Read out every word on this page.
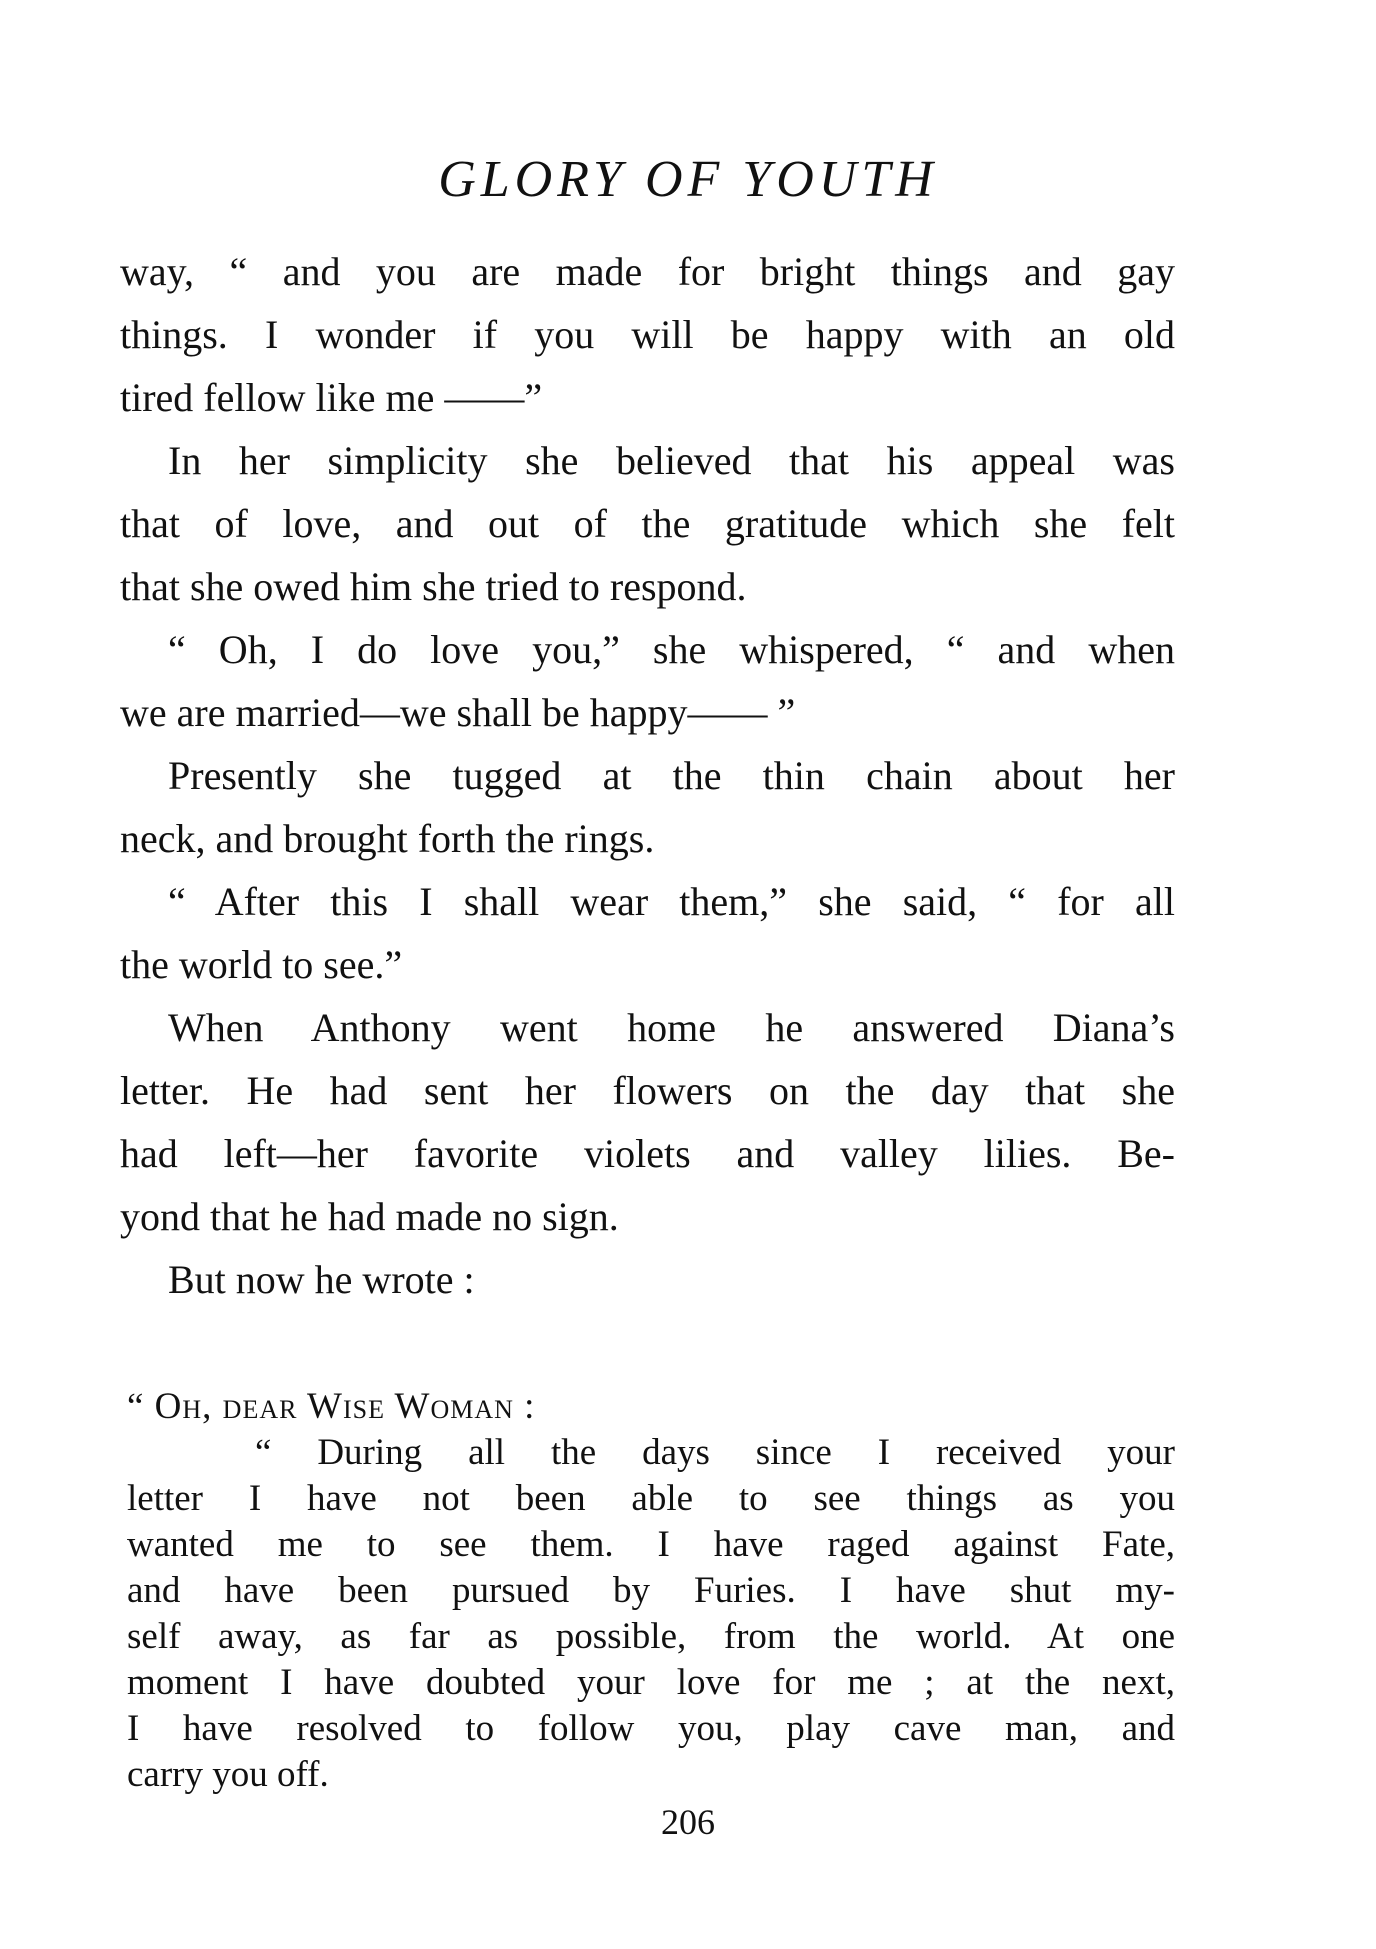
GLORY OF YOUTH

way, “ and you are made for bright things and gay

things. I wonder if you will be happy with an old

tired fellow like me ——”

In her simplicity she believed that his appeal was

that of love, and out of the gratitude which she felt

that she owed him she tried to respond.

“ Oh, I do love you,” she whispered, “ and when

we are married—we shall be happy—— ”

Presently she tugged at the thin chain about her

neck, and brought forth the rings.

“ After this I shall wear them,” she said, “ for all

the world to see.”

When Anthony went home he answered Diana’s

letter. He had sent her flowers on the day that she

had left—her favorite violets and valley lilies. Be-

yond that he had made no sign.

But now he wrote :

“ Oh, dear Wise Woman :

“ During all the days since I received your

letter I have not been able to see things as you

wanted me to see them. I have raged against Fate,

and have been pursued by Furies. I have shut my-

self away, as far as possible, from the world. At one

moment I have doubted your love for me ; at the next,

I have resolved to follow you, play cave man, and

carry you off.

206
